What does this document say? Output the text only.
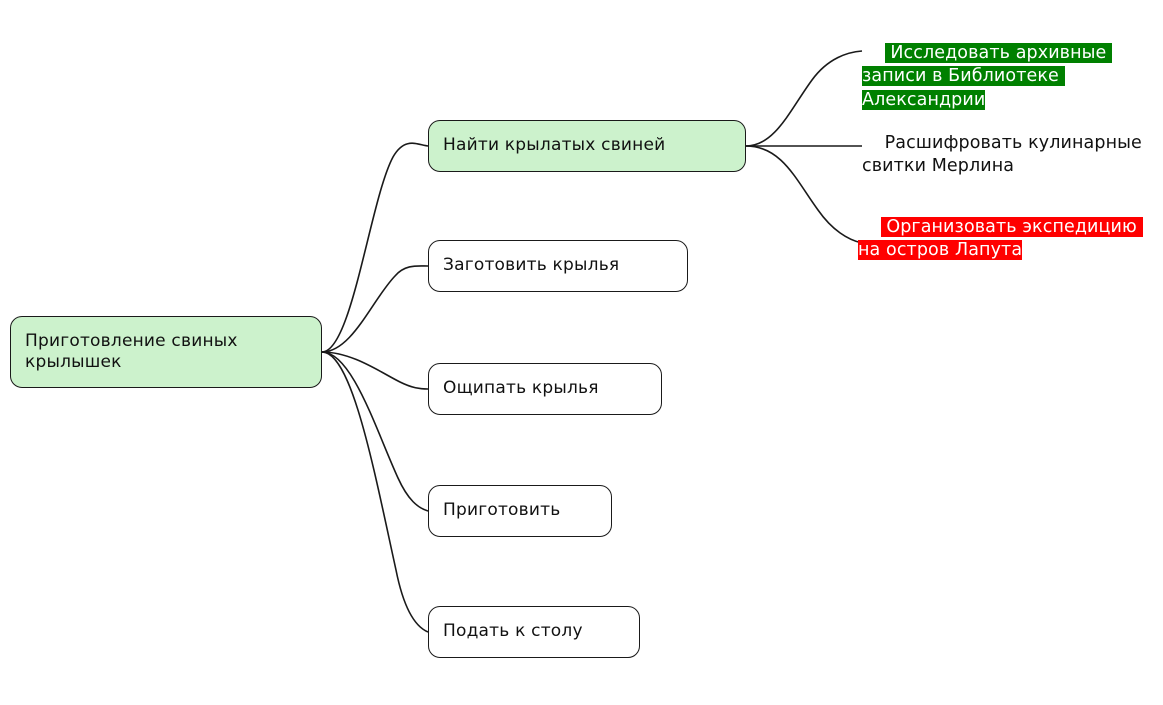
Приготовление свиных крылышек
Найти крылатых свиней
Заготовить крылья
Ощипать крылья
Приготовить
Подать к столу

Исследовать архивные записи в Библиотеке Александрии

Расшифровать кулинарные свитки Мерлина

Организовать экспедицию на остров Лапута
